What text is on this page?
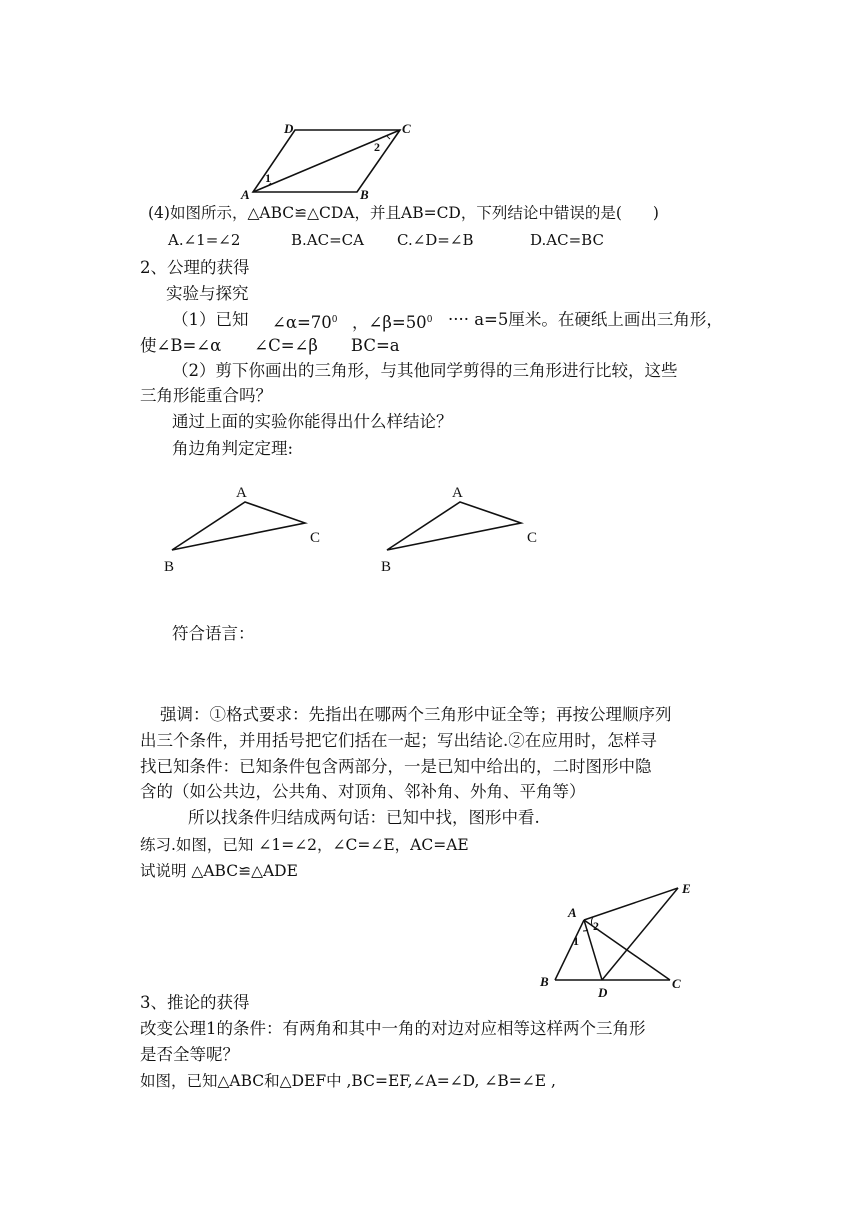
D	C
A	B
1
2
(4)如图所示，△ABC≌△CDA，并且AB=CD，下列结论中错误的是(　　)
A.∠1=∠2	B.AC=CA C.∠D=∠B	D.AC=BC
2、公理的获得
实验与探究
（1）已知 $\angle\alpha=70^0$ ，$\angle\beta=50^0$ ···· a=5厘米。在硬纸上画出三角形，
使∠B=∠α　　∠C=∠β　　BC=a
（2）剪下你画出的三角形，与其他同学剪得的三角形进行比较，这些
三角形能重合吗？
通过上面的实验你能得出什么样结论？
角边角判定定理:
A
C
B
A
C
B
符合语言：
强调：①格式要求：先指出在哪两个三角形中证全等；再按公理顺序列
出三个条件，并用括号把它们括在一起；写出结论.②在应用时，怎样寻
找已知条件：已知条件包含两部分，一是已知中给出的，二时图形中隐
含的（如公共边，公共角、对顶角、邻补角、外角、平角等）
所以找条件归结成两句话：已知中找，图形中看.
练习.如图，已知 ∠1=∠2，∠C=∠E，AC=AE
试说明 △ABC≌△ADE
A
E
B
D
C
1
2
3、推论的获得
改变公理1的条件：有两角和其中一角的对边对应相等这样两个三角形
是否全等呢？
如图，已知△ABC和△DEF中 ,BC=EF,∠A=∠D, ∠B=∠E ,
